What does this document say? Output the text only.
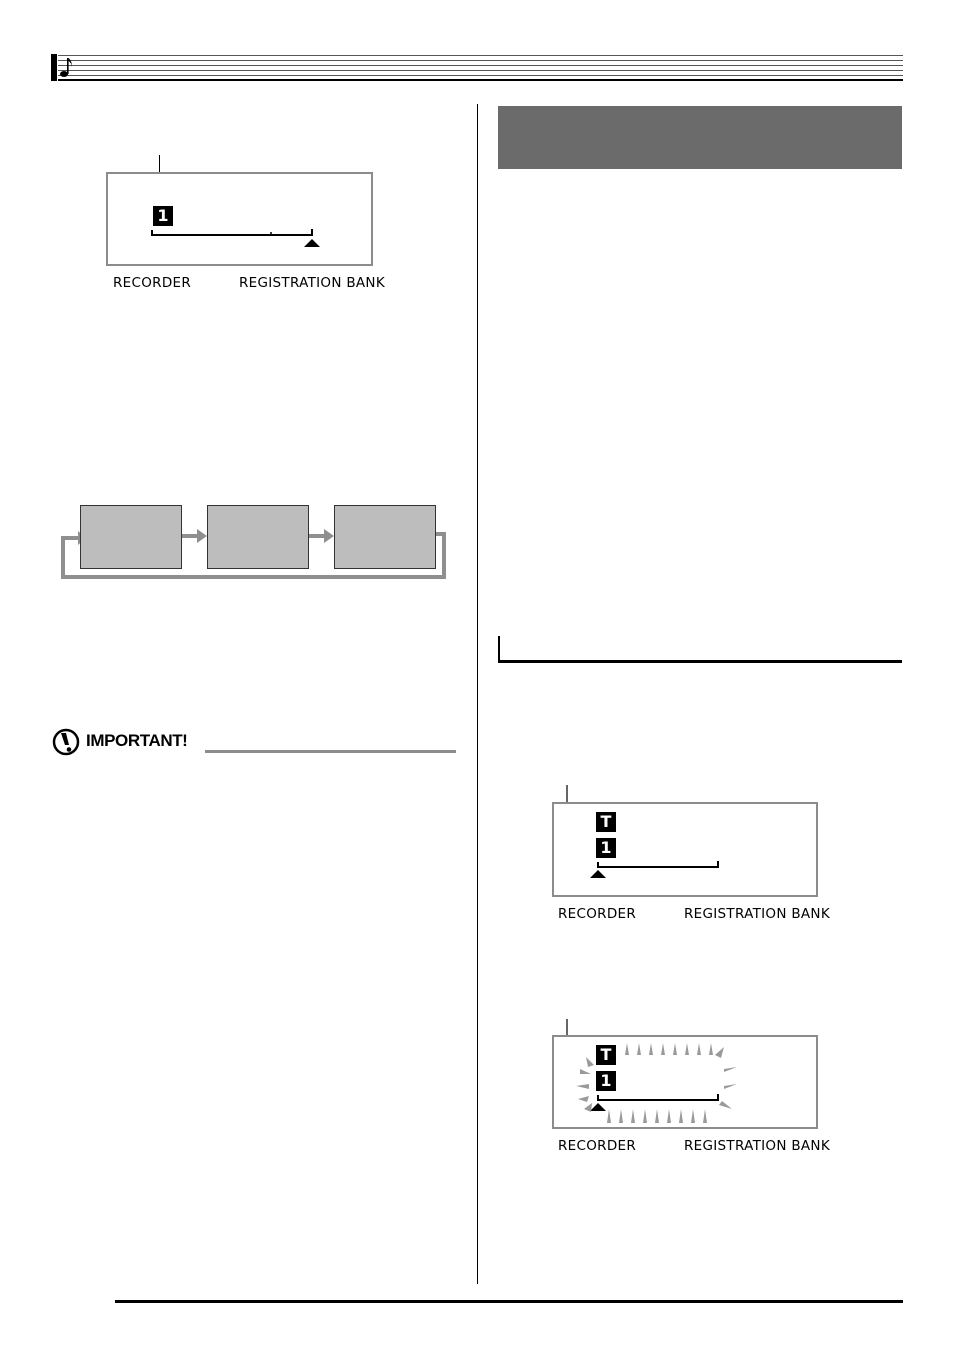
1
RECORDER	REGISTRATION BANK
IMPORTANT!
T
1
RECORDER	REGISTRATION BANK
T
1
RECORDER	REGISTRATION BANK
